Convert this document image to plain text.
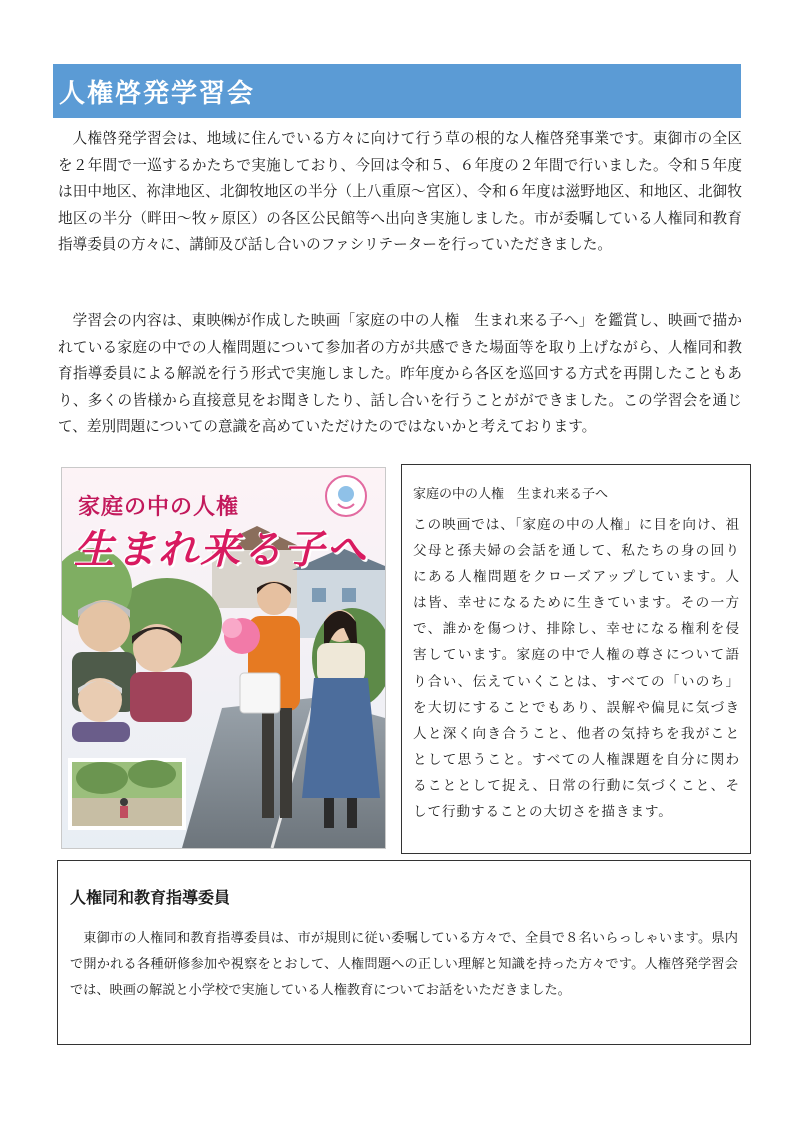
人権啓発学習会

人権啓発学習会は、地域に住んでいる方々に向けて行う草の根的な人権啓発事業です。東御市の全区を２年間で一巡するかたちで実施しており、今回は令和５、６年度の２年間で行いました。令和５年度は田中地区、祢津地区、北御牧地区の半分（上八重原～宮区）、令和６年度は滋野地区、和地区、北御牧地区の半分（畔田～牧ヶ原区）の各区公民館等へ出向き実施しました。市が委嘱している人権同和教育指導委員の方々に、講師及び話し合いのファシリテーターを行っていただきました。

学習会の内容は、東映㈱が作成した映画「家庭の中の人権　生まれ来る子へ」を鑑賞し、映画で描かれている家庭の中での人権問題について参加者の方が共感できた場面等を取り上げながら、人権同和教育指導委員による解説を行う形式で実施しました。昨年度から各区を巡回する方式を再開したこともあり、多くの皆様から直接意見をお聞きしたり、話し合いを行うことがができました。この学習会を通じて、差別問題についての意識を高めていただけたのではないかと考えております。

家庭の中の人権
生まれ来る子へ
家庭の中の人権　生まれ来る子へ

この映画では、「家庭の中の人権」に目を向け、祖父母と孫夫婦の会話を通して、私たちの身の回りにある人権問題をクローズアップしています。人は皆、幸せになるために生きています。その一方で、誰かを傷つけ、排除し、幸せになる権利を侵害しています。家庭の中で人権の尊さについて語り合い、伝えていくことは、すべての「いのち」を大切にすることでもあり、誤解や偏見に気づき人と深く向き合うこと、他者の気持ちを我がこととして思うこと。すべての人権課題を自分に関わることとして捉え、日常の行動に気づくこと、そして行動することの大切さを描きます。

人権同和教育指導委員

東御市の人権同和教育指導委員は、市が規則に従い委嘱している方々で、全員で８名いらっしゃいます。県内で開かれる各種研修参加や視察をとおして、人権問題への正しい理解と知識を持った方々です。人権啓発学習会では、映画の解説と小学校で実施している人権教育についてお話をいただきました。
